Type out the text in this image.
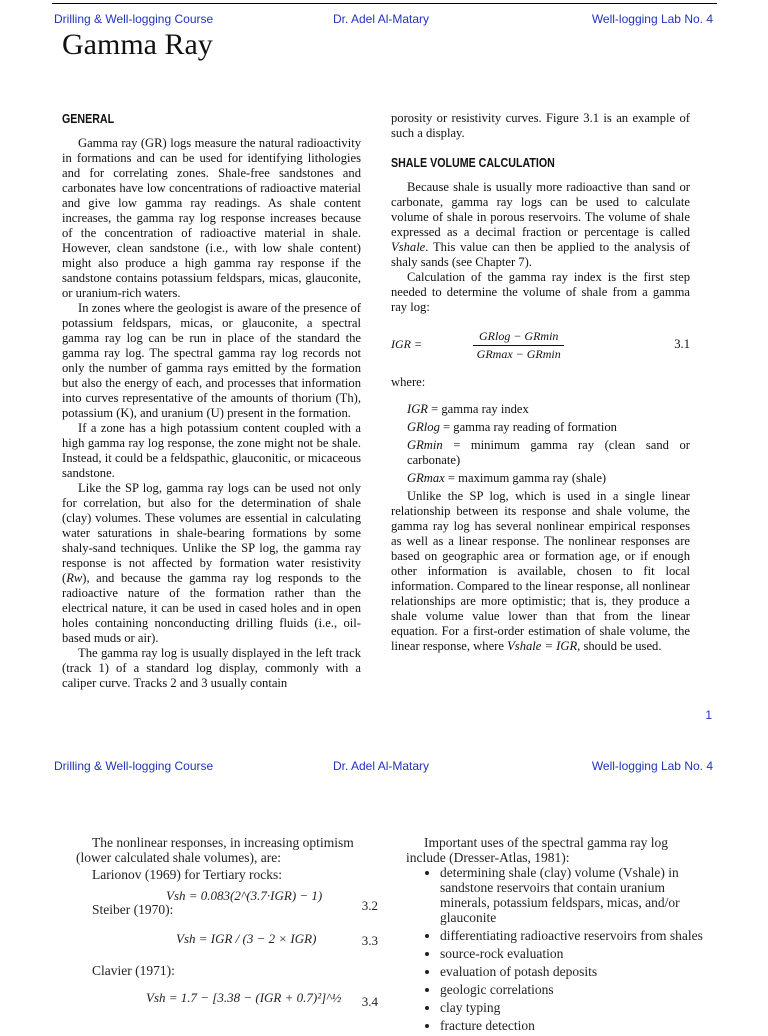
Drilling & Well-logging Course	Dr. Adel Al-Matary	Well-logging Lab No. 4
Gamma Ray
GENERAL

Gamma ray (GR) logs measure the natural radioactivity in formations and can be used for identifying lithologies and for correlating zones. Shale-free sandstones and carbonates have low concentrations of radioactive material and give low gamma ray readings. As shale content increases, the gamma ray log response increases because of the concentration of radioactive material in shale. However, clean sandstone (i.e., with low shale content) might also produce a high gamma ray response if the sandstone contains potassium feldspars, micas, glauconite, or uranium-rich waters.

In zones where the geologist is aware of the presence of potassium feldspars, micas, or glauconite, a spectral gamma ray log can be run in place of the standard the gamma ray log. The spectral gamma ray log records not only the number of gamma rays emitted by the formation but also the energy of each, and processes that information into curves representative of the amounts of thorium (Th), potassium (K), and uranium (U) present in the formation.

If a zone has a high potassium content coupled with a high gamma ray log response, the zone might not be shale. Instead, it could be a feldspathic, glauconitic, or micaceous sandstone.

Like the SP log, gamma ray logs can be used not only for correlation, but also for the determination of shale (clay) volumes. These volumes are essential in calculating water saturations in shale-bearing formations by some shaly-sand techniques. Unlike the SP log, the gamma ray response is not affected by formation water resistivity (Rw), and because the gamma ray log responds to the radioactive nature of the formation rather than the electrical nature, it can be used in cased holes and in open holes containing nonconducting drilling fluids (i.e., oil-based muds or air).

The gamma ray log is usually displayed in the left track (track 1) of a standard log display, commonly with a caliper curve. Tracks 2 and 3 usually contain

porosity or resistivity curves. Figure 3.1 is an example of such a display.

SHALE VOLUME CALCULATION

Because shale is usually more radioactive than sand or carbonate, gamma ray logs can be used to calculate volume of shale in porous reservoirs. The volume of shale expressed as a decimal fraction or percentage is called Vshale. This value can then be applied to the analysis of shaly sands (see Chapter 7).

Calculation of the gamma ray index is the first step needed to determine the volume of shale from a gamma ray log:

IGR =
GRlog − GRmin
GRmax − GRmin
3.1

where:

IGR = gamma ray index
GRlog = gamma ray reading of formation
GRmin = minimum gamma ray (clean sand or carbonate)
GRmax = maximum gamma ray (shale)

Unlike the SP log, which is used in a single linear relationship between its response and shale volume, the gamma ray log has several nonlinear empirical responses as well as a linear response. The nonlinear responses are based on geographic area or formation age, or if enough other information is available, chosen to fit local information. Compared to the linear response, all nonlinear relationships are more optimistic; that is, they produce a shale volume value lower than that from the linear equation. For a first-order estimation of shale volume, the linear response, where Vshale = IGR, should be used.

1
Drilling & Well-logging Course	Dr. Adel Al-Matary	Well-logging Lab No. 4

The nonlinear responses, in increasing optimism (lower calculated shale volumes), are:

Larionov (1969) for Tertiary rocks:

Vsh = 0.083(2^(3.7·IGR) − 1)
3.2

Steiber (1970):

Vsh = IGR / (3 − 2 × IGR)	3.3

Clavier (1971):

Vsh = 1.7 − [3.38 − (IGR + 0.7)²]^½ 3.4

Important uses of the spectral gamma ray log include (Dresser-Atlas, 1981):

• determining shale (clay) volume (Vshale) in sandstone reservoirs that contain uranium minerals, potassium feldspars, micas, and/or glauconite
• differentiating radioactive reservoirs from shales
• source-rock evaluation
• evaluation of potash deposits
• geologic correlations
• clay typing
• fracture detection
